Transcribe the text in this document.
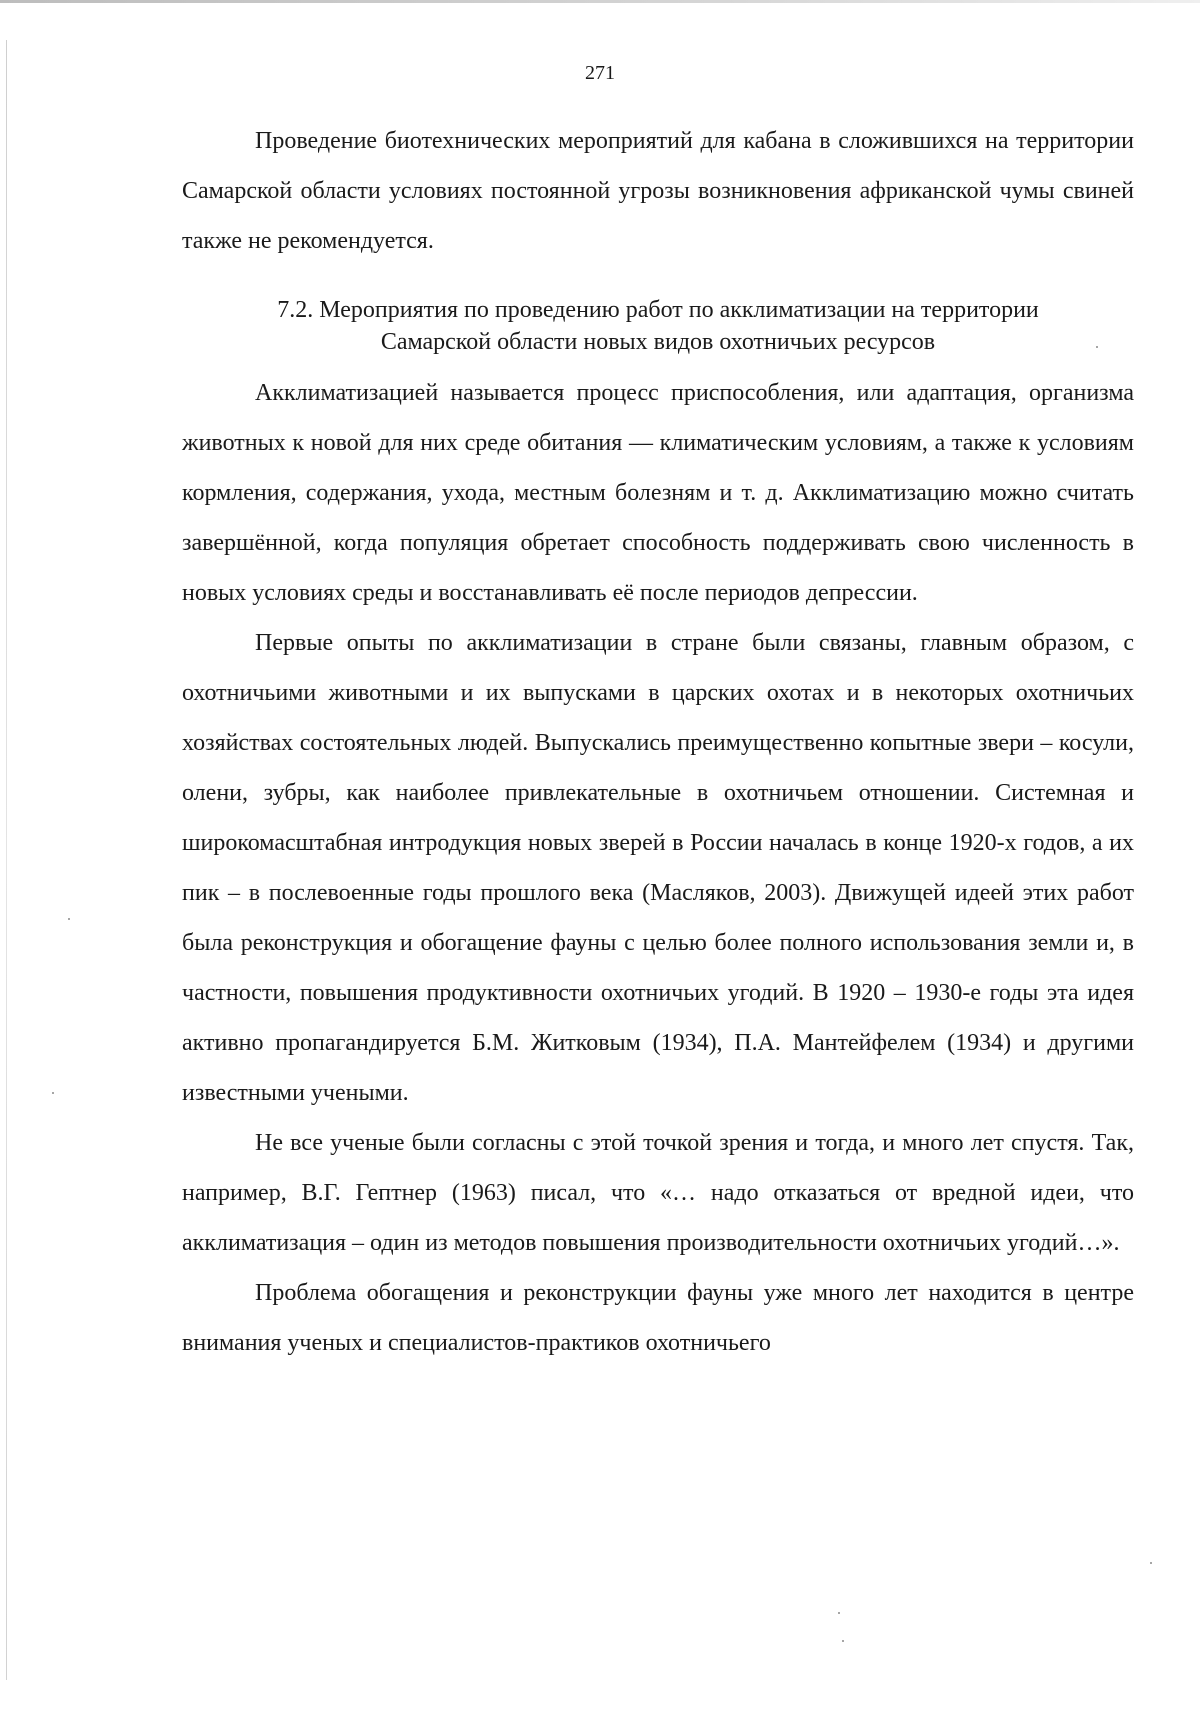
271

Проведение биотехнических мероприятий для кабана в сложившихся на территории Самарской области условиях постоянной угрозы возникновения африканской чумы свиней также не рекомендуется.

7.2. Мероприятия по проведению работ по акклиматизации на территории
Самарской области новых видов охотничьих ресурсов

Акклиматизацией называется процесс приспособления, или адаптация, организма животных к новой для них среде обитания — климатическим условиям, а также к условиям кормления, содержания, ухода, местным болезням и т. д. Акклиматизацию можно считать завершённой, когда популяция обретает способность поддерживать свою численность в новых условиях среды и восстанавливать её после периодов депрессии.

Первые опыты по акклиматизации в стране были связаны, главным образом, с охотничьими животными и их выпусками в царских охотах и в некоторых охотничьих хозяйствах состоятельных людей. Выпускались преимущественно копытные звери – косули, олени, зубры, как наиболее привлекательные в охотничьем отношении. Системная и широкомасштабная интродукция новых зверей в России началась в конце 1920-х годов, а их пик – в послевоенные годы прошлого века (Масляков, 2003). Движущей идеей этих работ была реконструкция и обогащение фауны с целью более полного использования земли и, в частности, повышения продуктивности охотничьих угодий. В 1920 – 1930-е годы эта идея активно пропагандируется Б.М. Житковым (1934), П.А. Мантейфелем (1934) и другими известными учеными.

Не все ученые были согласны с этой точкой зрения и тогда, и много лет спустя. Так, например, В.Г. Гептнер (1963) писал, что «… надо отказаться от вредной идеи, что акклиматизация – один из методов повышения производительности охотничьих угодий…».

Проблема обогащения и реконструкции фауны уже много лет находится в центре внимания ученых и специалистов-практиков охотничьего
